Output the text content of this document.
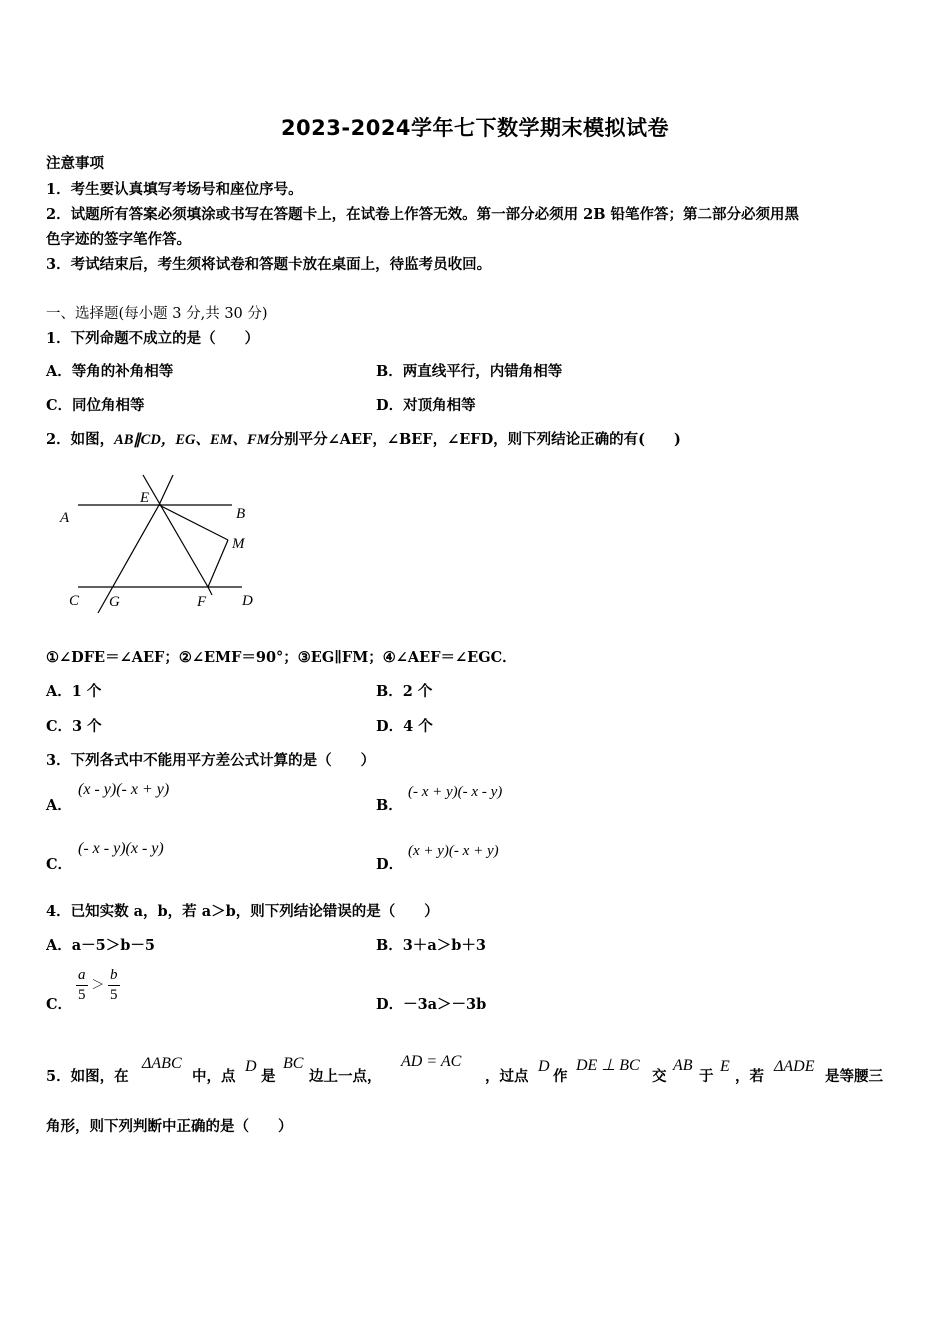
2023-2024学年七下数学期末模拟试卷
注意事项
1．考生要认真填写考场号和座位序号。
2．试题所有答案必须填涂或书写在答题卡上，在试卷上作答无效。第一部分必须用 2B 铅笔作答；第二部分必须用黑
色字迹的签字笔作答。
3．考试结束后，考生须将试卷和答题卡放在桌面上，待监考员收回。
一、选择题(每小题 3 分,共 30 分)
1．下列命题不成立的是（　　）
A．等角的补角相等	B．两直线平行，内错角相等
C．同位角相等	D．对顶角相等
2．如图，AB∥CD，EG、EM、FM分别平分∠AEF，∠BEF，∠EFD，则下列结论正确的有(　　)
A	B
C	D
E
F
G
M
①∠DFE＝∠AEF；②∠EMF＝90°；③EG∥FM；④∠AEF＝∠EGC．
A．1 个	B．2 个
C．3 个	D．4 个
3．下列各式中不能用平方差公式计算的是（　　）
A．
(x - y)(- x + y)
B．
(- x + y)(- x - y)
C．
(- x - y)(x - y)
D．
(x + y)(- x + y)
4．已知实数 a，b，若 a＞b，则下列结论错误的是（　　）
A．a－5＞b－5	B．3＋a＞b＋3
C． $\frac{a}{5} > \frac{b}{5}$	D．－3a＞－3b
5．如图，在
ΔABC
中，点
D
是
BC
边上一点，
AD = AC
，过点
D
作
DE ⊥ BC
交
AB
于
E
，若
ΔADE
是等腰三
角形，则下列判断中正确的是（　　）
